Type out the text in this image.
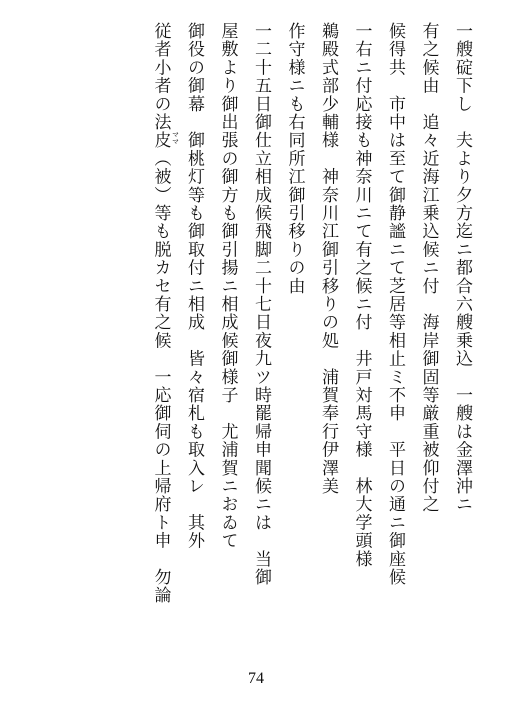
一艘碇下し　夫より夕方迄ニ都合六艘乗込　一艘は金澤沖ニ
有之候由　追々近海江乗込候ニ付　海岸御固等厳重被仰付之
候得共　市中は至て御静謐ニて芝居等相止ミ不申　平日の通ニ御座候
一右ニ付応接も神奈川ニて有之候ニ付　井戸対馬守様　林大学頭様
鵜殿式部少輔様　神奈川江御引移りの処　浦賀奉行伊澤美
作守様ニも右同所江御引移りの由
一二十五日御仕立相成候飛脚二十七日夜九ツ時罷帰申聞候ニは　当御
屋敷より御出張の御方も御引揚ニ相成候御様子　尤浦賀ニおゐて
御役の御幕　御桃灯等も御取付ニ相成　皆々宿札も取入レ　其外
従者小者の法皮 ママ
（被）等も脱カセ有之候　一応御伺の上帰府ト申　勿論
74
